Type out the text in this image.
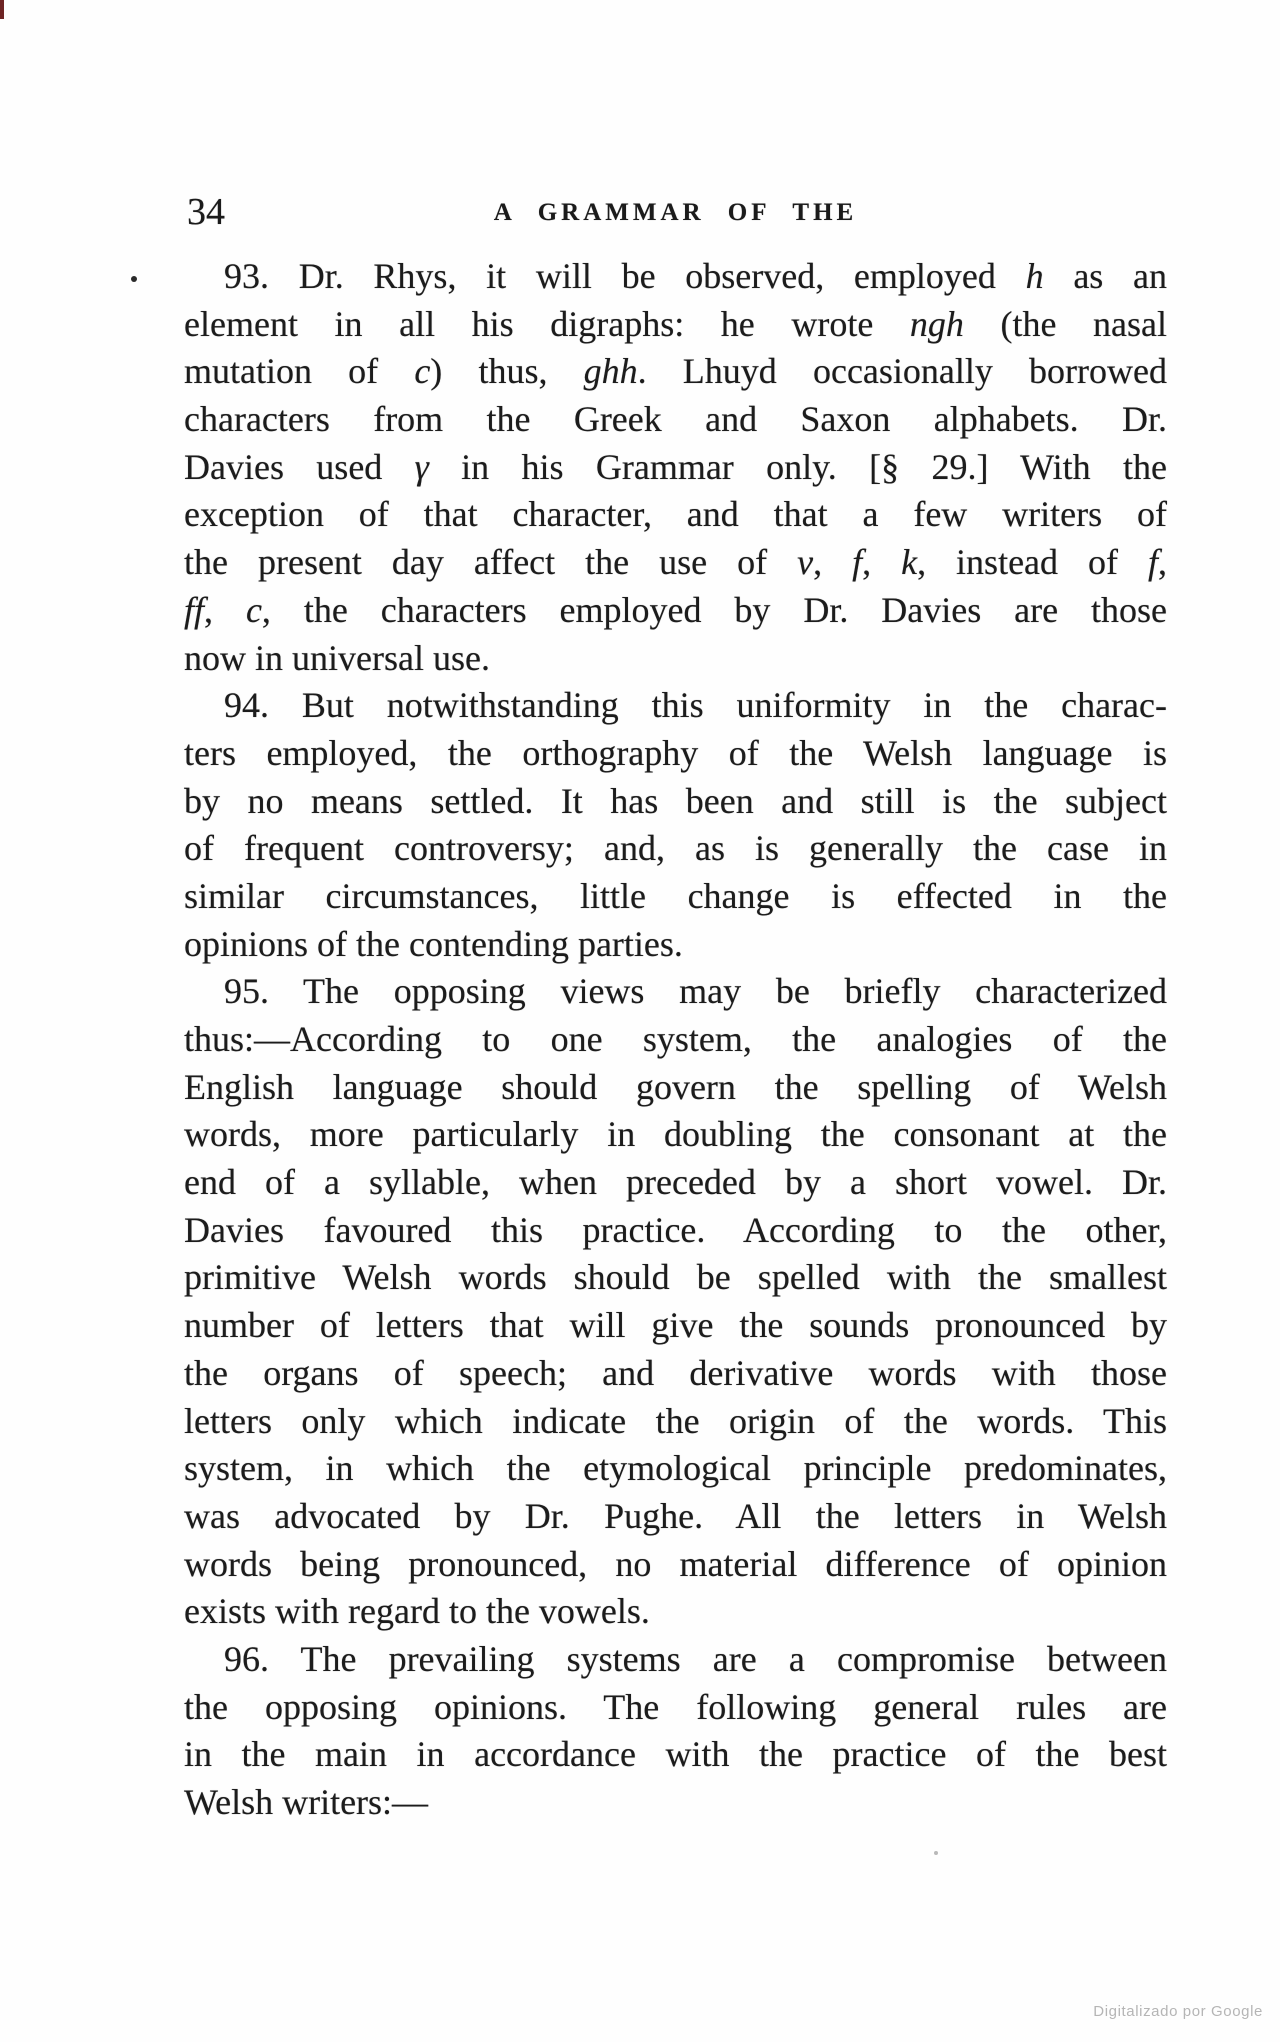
34	A GRAMMAR OF THE
93. Dr. Rhys, it will be observed, employed h as an
element in all his digraphs: he wrote ngh (the nasal
mutation of c) thus, ghh. Lhuyd occasionally borrowed
characters from the Greek and Saxon alphabets. Dr.
Davies used γ in his Grammar only. [§ 29.] With the
exception of that character, and that a few writers of
the present day affect the use of v, f, k, instead of f,
ff, c, the characters employed by Dr. Davies are those
now in universal use.
94. But notwithstanding this uniformity in the charac-
ters employed, the orthography of the Welsh language is
by no means settled. It has been and still is the subject
of frequent controversy; and, as is generally the case in
similar circumstances, little change is effected in the
opinions of the contending parties.
95. The opposing views may be briefly characterized
thus:—According to one system, the analogies of the
English language should govern the spelling of Welsh
words, more particularly in doubling the consonant at the
end of a syllable, when preceded by a short vowel. Dr.
Davies favoured this practice. According to the other,
primitive Welsh words should be spelled with the smallest
number of letters that will give the sounds pronounced by
the organs of speech; and derivative words with those
letters only which indicate the origin of the words. This
system, in which the etymological principle predominates,
was advocated by Dr. Pughe. All the letters in Welsh
words being pronounced, no material difference of opinion
exists with regard to the vowels.
96. The prevailing systems are a compromise between
the opposing opinions. The following general rules are
in the main in accordance with the practice of the best
Welsh writers:—
Digitalizado por Google
